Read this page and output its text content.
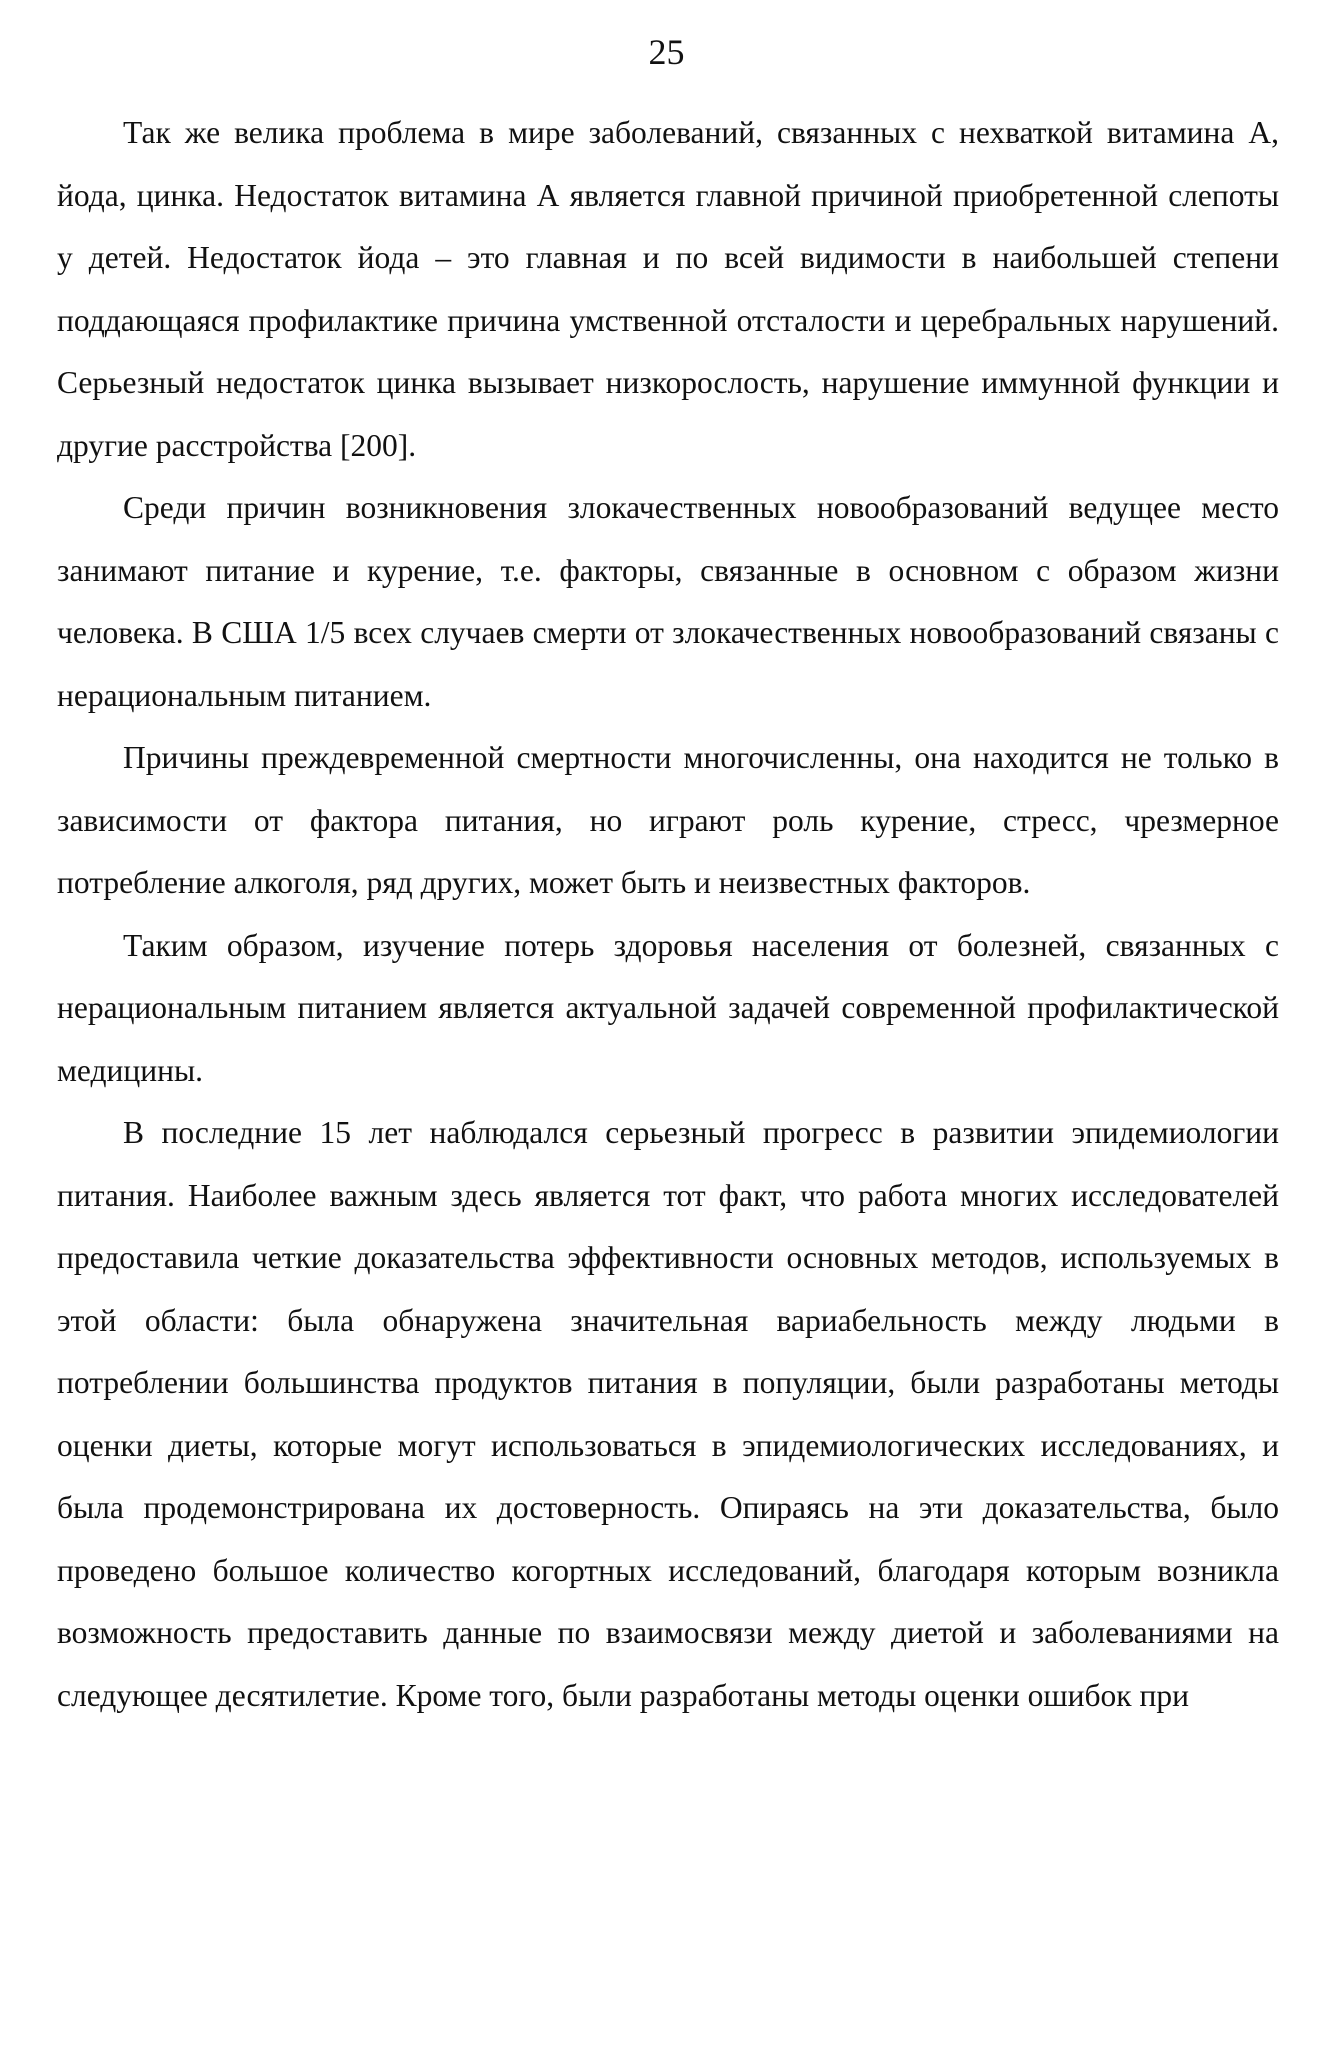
25

Так же велика проблема в мире заболеваний, связанных с нехваткой витамина А, йода, цинка. Недостаток витамина А является главной причиной приобретенной слепоты у детей. Недостаток йода – это главная и по всей видимости в наибольшей степени поддающаяся профилактике причина умственной отсталости и церебральных нарушений. Серьезный недостаток цинка вызывает низкорослость, нарушение иммунной функции и другие расстройства [200].

Среди причин возникновения злокачественных новообразований ведущее место занимают питание и курение, т.е. факторы, связанные в основном с образом жизни человека. В США 1/5 всех случаев смерти от злокачественных новообразований связаны с нерациональным питанием.

Причины преждевременной смертности многочисленны, она находится не только в зависимости от фактора питания, но играют роль курение, стресс, чрезмерное потребление алкоголя, ряд других, может быть и неизвестных факторов.

Таким образом, изучение потерь здоровья населения от болезней, связанных с нерациональным питанием является актуальной задачей современной профилактической медицины.

В последние 15 лет наблюдался серьезный прогресс в развитии эпидемиологии питания. Наиболее важным здесь является тот факт, что работа многих исследователей предоставила четкие доказательства эффективности основных методов, используемых в этой области: была обнаружена значительная вариабельность между людьми в потреблении большинства продуктов питания в популяции, были разработаны методы оценки диеты, которые могут использоваться в эпидемиологических исследованиях, и была продемонстрирована их достоверность. Опираясь на эти доказательства, было проведено большое количество когортных исследований, благодаря которым возникла возможность предоставить данные по взаимосвязи между диетой и заболеваниями на следующее десятилетие. Кроме того, были разработаны методы оценки ошибок при
